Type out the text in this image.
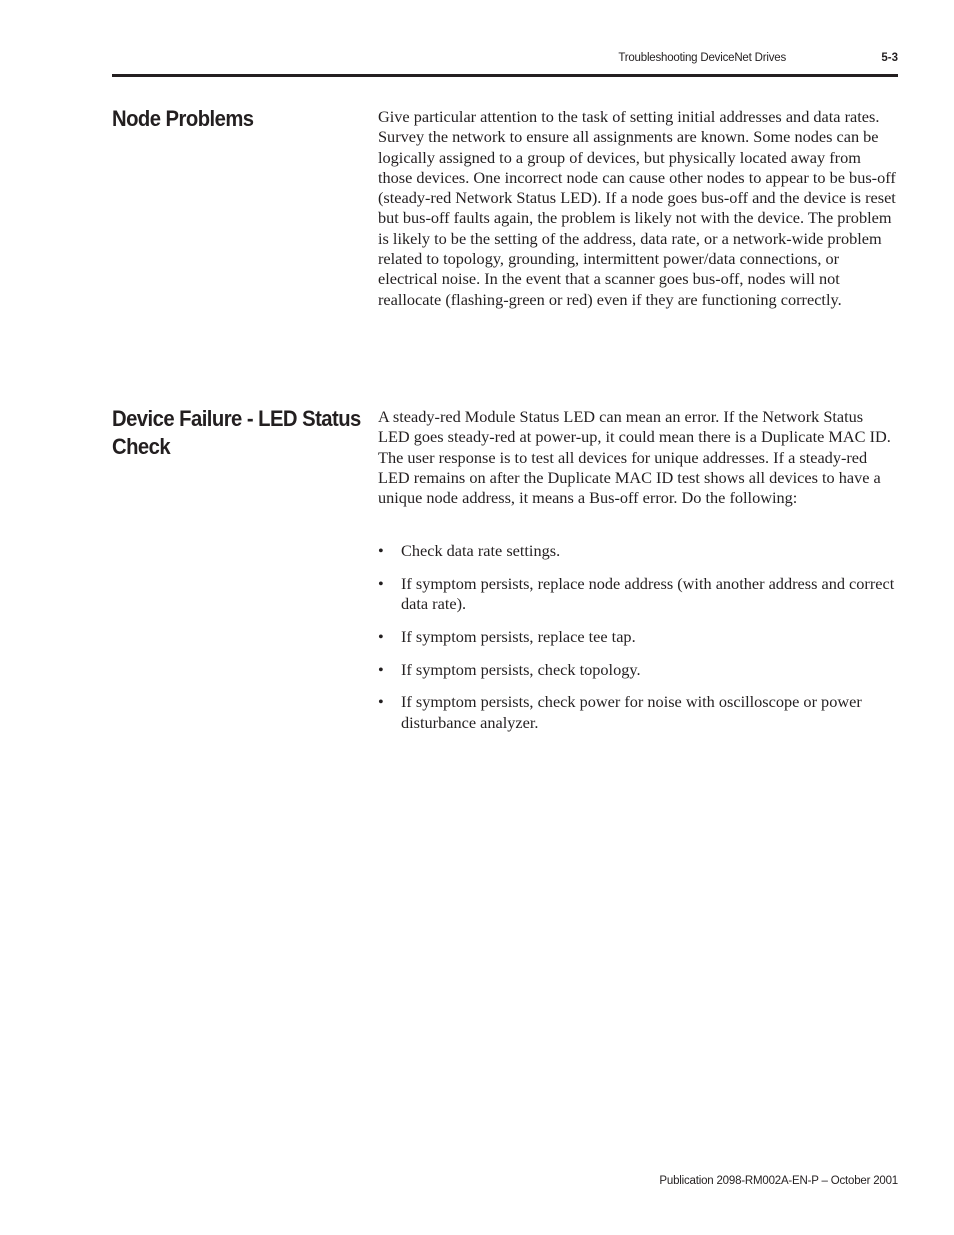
Troubleshooting DeviceNet Drives	5-3
Node Problems	Give particular attention to the task of setting initial addresses and data rates. Survey the network to ensure all assignments are known. Some nodes can be logically assigned to a group of devices, but physically located away from those devices. One incorrect node can cause other nodes to appear to be bus-off (steady-red Network Status LED). If a node goes bus-off and the device is reset but bus-off faults again, the problem is likely not with the device. The problem is likely to be the setting of the address, data rate, or a network-wide problem related to topology, grounding, intermittent power/data connections, or electrical noise. In the event that a scanner goes bus-off, nodes will not reallocate (flashing-green or red) even if they are functioning correctly.

Device Failure - LED Status Check

A steady-red Module Status LED can mean an error. If the Network Status LED goes steady-red at power-up, it could mean there is a Duplicate MAC ID. The user response is to test all devices for unique addresses. If a steady-red LED remains on after the Duplicate MAC ID test shows all devices to have a unique node address, it means a Bus-off error. Do the following:

• Check data rate settings.
• If symptom persists, replace node address (with another address and correct data rate).
• If symptom persists, replace tee tap.
• If symptom persists, check topology.
• If symptom persists, check power for noise with oscilloscope or power disturbance analyzer.
Publication 2098-RM002A-EN-P – October 2001
